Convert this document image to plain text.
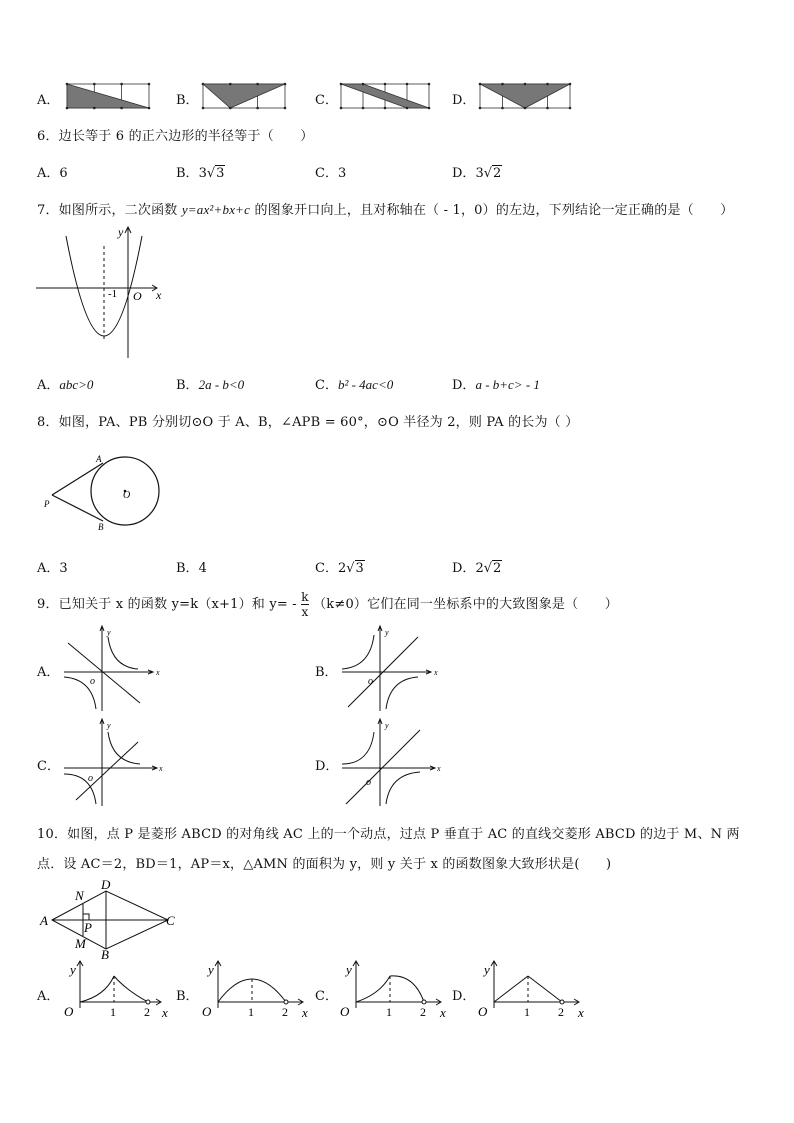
A．	B．	C．	D．
6．边长等于 6 的正六边形的半径等于（　　）
A．6	B．3√3	C．3	D．3√2
7．如图所示，二次函数 y=ax²+bx+c 的图象开口向上，且对称轴在（ - 1，0）的左边，下列结论一定正确的是（　　）
y
x
O
-1
A．abc>0	B．2a - b<0	C．b² - 4ac<0	D．a - b+c> - 1
8．如图，PA、PB 分别切⊙O 于 A、B，∠APB = 60°，⊙O 半径为 2，则 PA 的长为（ ）
A
B
P
O
A．3	B．4	C．2√3	D．2√2
9．已知关于 x 的函数 y=k（x+1）和 $y= - \frac{k}{x} (k\ne 0)$它们在同一坐标系中的大致图象是（　　）
A．
y
x
o
B．
y
x
o
C．
y
x
o
D．
y
x
o
10．如图，点 P 是菱形 ABCD 的对角线 AC 上的一个动点，过点 P 垂直于 AC 的直线交菱形 ABCD 的边于 M、N 两
点．设 AC＝2，BD＝1，AP＝x，△AMN 的面积为 y，则 y 关于 x 的函数图象大致形状是(　　)
A
D
C
B
N
P
M
A．
y
x
O	1 2
B．
y
x
O	1 2
C．
y
x
O	1 2
D．
y
x
O	1 2
